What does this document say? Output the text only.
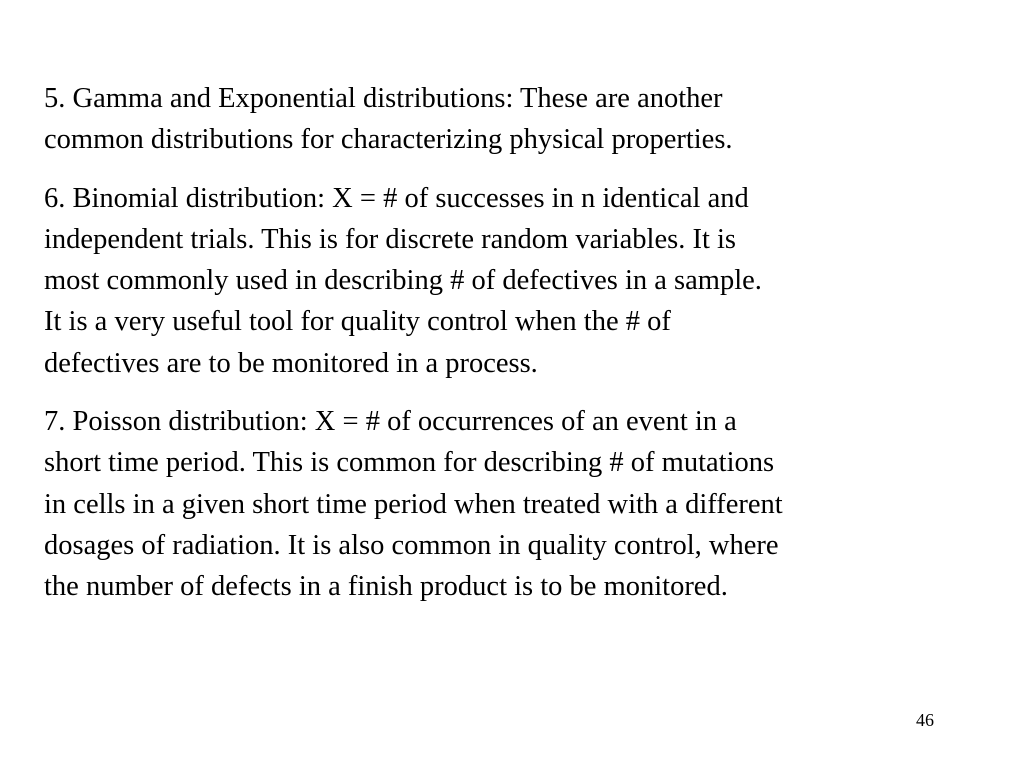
5. Gamma and Exponential distributions: These are another
common distributions for characterizing physical properties.

6. Binomial distribution: X = # of successes in n identical and
independent trials. This is for discrete random variables. It is
most commonly used in describing # of defectives in a sample.
It is a very useful tool for quality control when the # of
defectives are to be monitored in a process.

7. Poisson distribution: X = # of occurrences of an event in a
short time period. This is common for describing # of mutations
in cells in a given short time period when treated with a different
dosages of radiation. It is also common in quality control, where
the number of defects in a finish product is to be monitored.

46
